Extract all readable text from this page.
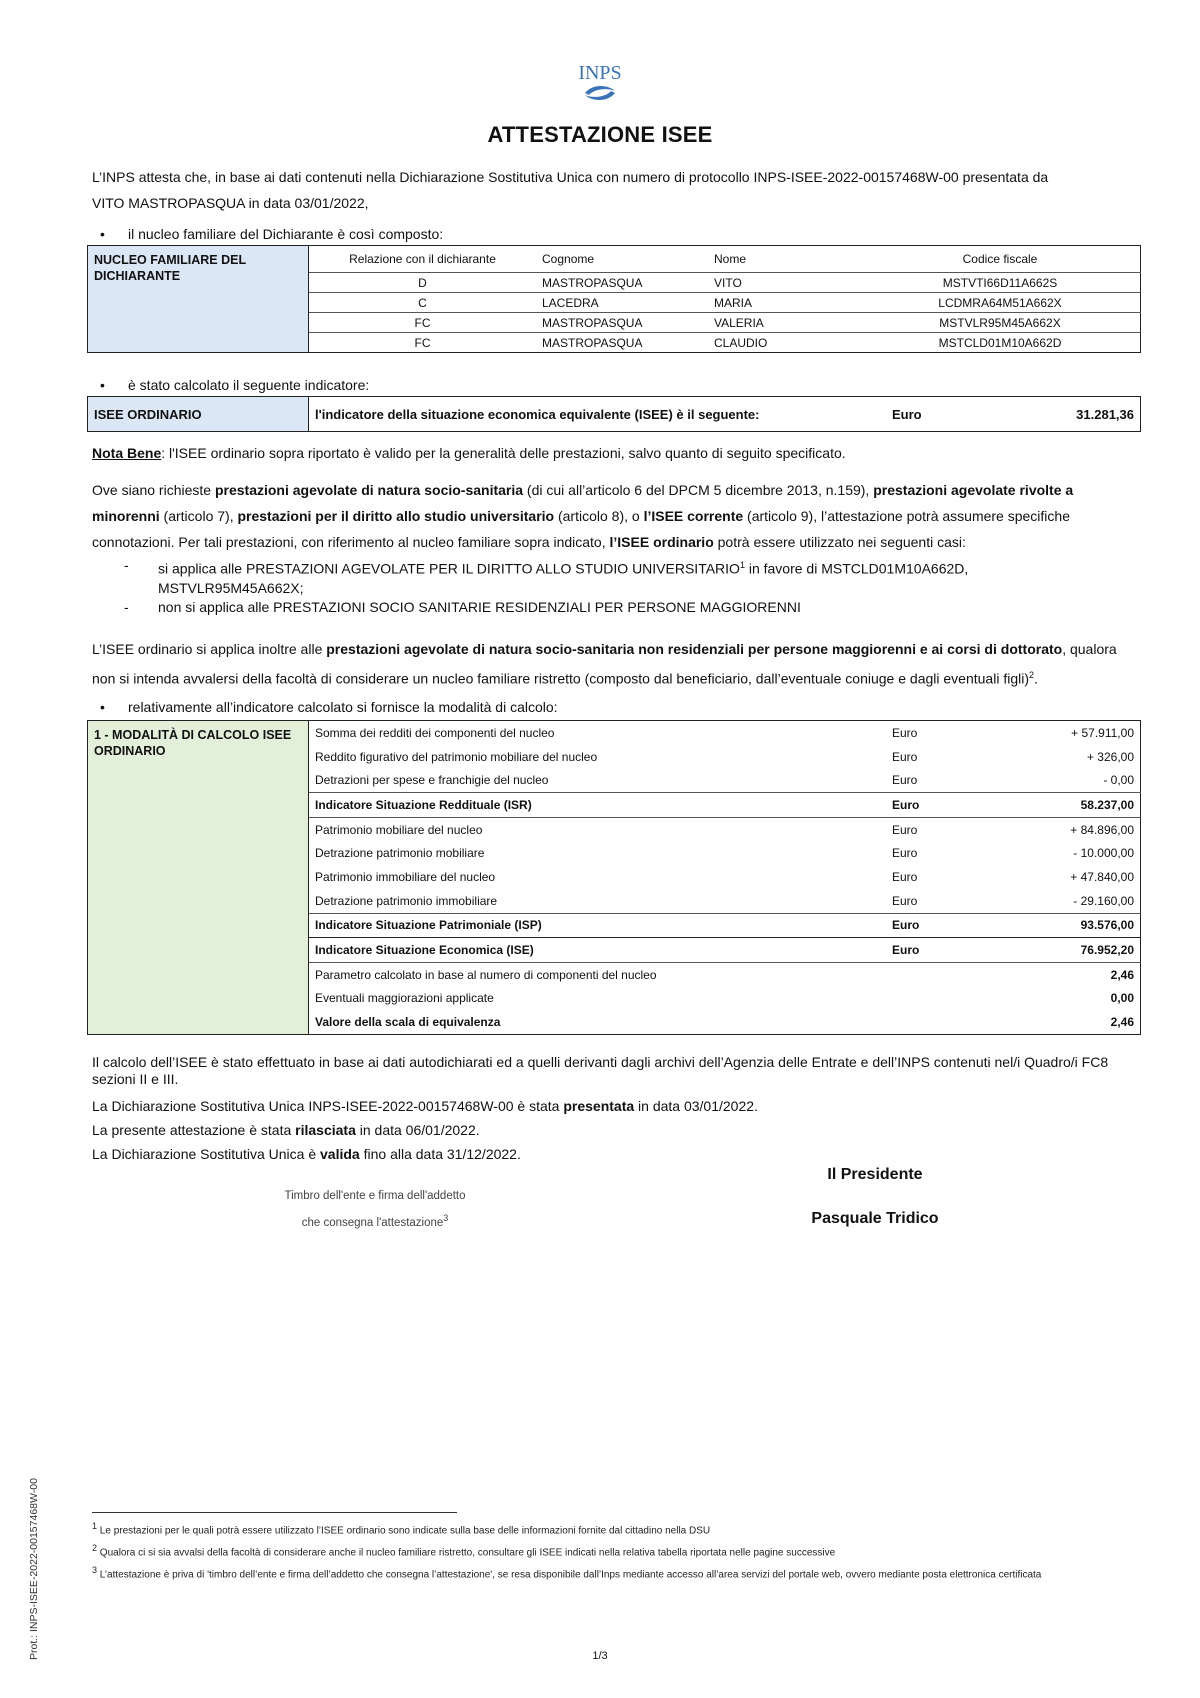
INPS
ATTESTAZIONE ISEE
L’INPS attesta che, in base ai dati contenuti nella Dichiarazione Sostitutiva Unica con numero di protocollo INPS-ISEE-2022-00157468W-00 presentata da
VITO MASTROPASQUA in data 03/01/2022,
• il nucleo familiare del Dichiarante è così composto:
NUCLEO FAMILIARE DEL DICHIARANTE	Relazione con il dichiarante	Cognome	Nome	Codice fiscale
	D	MASTROPASQUA	VITO	MSTVTI66D11A662S
	C	LACEDRA	MARIA	LCDMRA64M51A662X
	FC	MASTROPASQUA	VALERIA	MSTVLR95M45A662X
	FC	MASTROPASQUA	CLAUDIO	MSTCLD01M10A662D
• è stato calcolato il seguente indicatore:
ISEE ORDINARIO	l'indicatore della situazione economica equivalente (ISEE) è il seguente:	Euro	31.281,36
Nota Bene: l'ISEE ordinario sopra riportato è valido per la generalità delle prestazioni, salvo quanto di seguito specificato.
Ove siano richieste prestazioni agevolate di natura socio-sanitaria (di cui all’articolo 6 del DPCM 5 dicembre 2013, n.159), prestazioni agevolate rivolte a minorenni (articolo 7), prestazioni per il diritto allo studio universitario (articolo 8), o l’ISEE corrente (articolo 9), l’attestazione potrà assumere specifiche connotazioni. Per tali prestazioni, con riferimento al nucleo familiare sopra indicato, l’ISEE ordinario potrà essere utilizzato nei seguenti casi:
- si applica alle PRESTAZIONI AGEVOLATE PER IL DIRITTO ALLO STUDIO UNIVERSITARIO$^1$ in favore di MSTCLD01M10A662D,
MSTVLR95M45A662X;
- non si applica alle PRESTAZIONI SOCIO SANITARIE RESIDENZIALI PER PERSONE MAGGIORENNI
L’ISEE ordinario si applica inoltre alle prestazioni agevolate di natura socio-sanitaria non residenziali per persone maggiorenni e ai corsi di dottorato, qualora non si intenda avvalersi della facoltà di considerare un nucleo familiare ristretto (composto dal beneficiario, dall’eventuale coniuge e dagli eventuali figli)$^2$.
• relativamente all’indicatore calcolato si fornisce la modalità di calcolo:
1 - MODALITÀ DI CALCOLO ISEE ORDINARIO	Somma dei redditi dei componenti del nucleo	Euro	+ 57.911,00
	Reddito figurativo del patrimonio mobiliare del nucleo	Euro	+ 326,00
	Detrazioni per spese e franchigie del nucleo	Euro	- 0,00
	Indicatore Situazione Reddituale (ISR)	Euro	58.237,00
	Patrimonio mobiliare del nucleo	Euro	+ 84.896,00
	Detrazione patrimonio mobiliare	Euro	- 10.000,00
	Patrimonio immobiliare del nucleo	Euro	+ 47.840,00
	Detrazione patrimonio immobiliare	Euro	- 29.160,00
	Indicatore Situazione Patrimoniale (ISP)	Euro	93.576,00
	Indicatore Situazione Economica (ISE)	Euro	76.952,20
	Parametro calcolato in base al numero di componenti del nucleo		2,46
	Eventuali maggiorazioni applicate		0,00
	Valore della scala di equivalenza		2,46
Il calcolo dell’ISEE è stato effettuato in base ai dati autodichiarati ed a quelli derivanti dagli archivi dell’Agenzia delle Entrate e dell’INPS contenuti nel/i Quadro/i FC8 sezioni II e III.
La Dichiarazione Sostitutiva Unica INPS-ISEE-2022-00157468W-00 è stata presentata in data 03/01/2022.
La presente attestazione è stata rilasciata in data 06/01/2022.
La Dichiarazione Sostitutiva Unica è valida fino alla data 31/12/2022.
Il Presidente
Pasquale Tridico
Timbro dell'ente e firma dell'addetto
che consegna l'attestazione$^3$
$^1$ Le prestazioni per le quali potrà essere utilizzato l’ISEE ordinario sono indicate sulla base delle informazioni fornite dal cittadino nella DSU
$^2$ Qualora ci si sia avvalsi della facoltà di considerare anche il nucleo familiare ristretto, consultare gli ISEE indicati nella relativa tabella riportata nelle pagine successive
$^3$ L’attestazione è priva di 'timbro dell’ente e firma dell’addetto che consegna l’attestazione', se resa disponibile dall’Inps mediante accesso all’area servizi del portale web, ovvero mediante posta elettronica certificata
Prot.: INPS-ISEE-2022-00157468W-00	1/3
